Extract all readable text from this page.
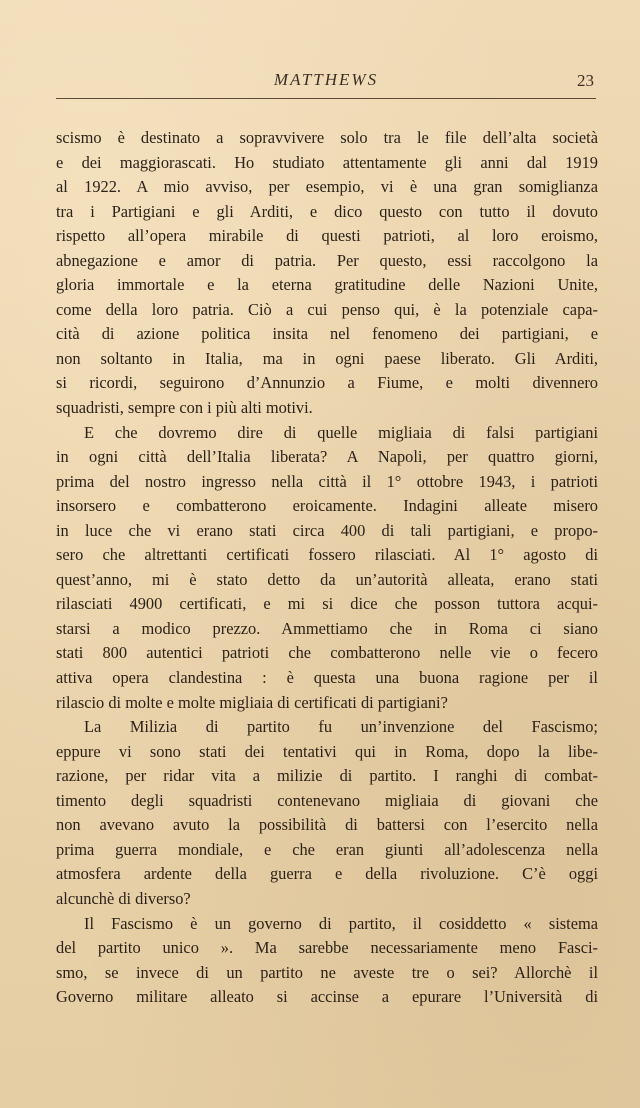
MATTHEWS	23
scismo è destinato a sopravvivere solo tra le file dell’alta società
e dei maggiorascati. Ho studiato attentamente gli anni dal 1919
al 1922. A mio avviso, per esempio, vi è una gran somiglianza
tra i Partigiani e gli Arditi, e dico questo con tutto il dovuto
rispetto all’opera mirabile di questi patrioti, al loro eroismo,
abnegazione e amor di patria. Per questo, essi raccolgono la
gloria immortale e la eterna gratitudine delle Nazioni Unite,
come della loro patria. Ciò a cui penso qui, è la potenziale capa-
cità di azione politica insita nel fenomeno dei partigiani, e
non soltanto in Italia, ma in ogni paese liberato. Gli Arditi,
si ricordi, seguirono d’Annunzio a Fiume, e molti divennero
squadristi, sempre con i più alti motivi.
E che dovremo dire di quelle migliaia di falsi partigiani
in ogni città dell’Italia liberata? A Napoli, per quattro giorni,
prima del nostro ingresso nella città il 1° ottobre 1943, i patrioti
insorsero e combatterono eroicamente. Indagini alleate misero
in luce che vi erano stati circa 400 di tali partigiani, e propo-
sero che altrettanti certificati fossero rilasciati. Al 1° agosto di
quest’anno, mi è stato detto da un’autorità alleata, erano stati
rilasciati 4900 certificati, e mi si dice che posson tuttora acqui-
starsi a modico prezzo. Ammettiamo che in Roma ci siano
stati 800 autentici patrioti che combatterono nelle vie o fecero
attiva opera clandestina : è questa una buona ragione per il
rilascio di molte e molte migliaia di certificati di partigiani?
La Milizia di partito fu un’invenzione del Fascismo;
eppure vi sono stati dei tentativi qui in Roma, dopo la libe-
razione, per ridar vita a milizie di partito. I ranghi di combat-
timento degli squadristi contenevano migliaia di giovani che
non avevano avuto la possibilità di battersi con l’esercito nella
prima guerra mondiale, e che eran giunti all’adolescenza nella
atmosfera ardente della guerra e della rivoluzione. C’è oggi
alcunchè di diverso?
Il Fascismo è un governo di partito, il cosiddetto « sistema
del partito unico ». Ma sarebbe necessariamente meno Fasci-
smo, se invece di un partito ne aveste tre o sei? Allorchè il
Governo militare alleato si accinse a epurare l’Università di
